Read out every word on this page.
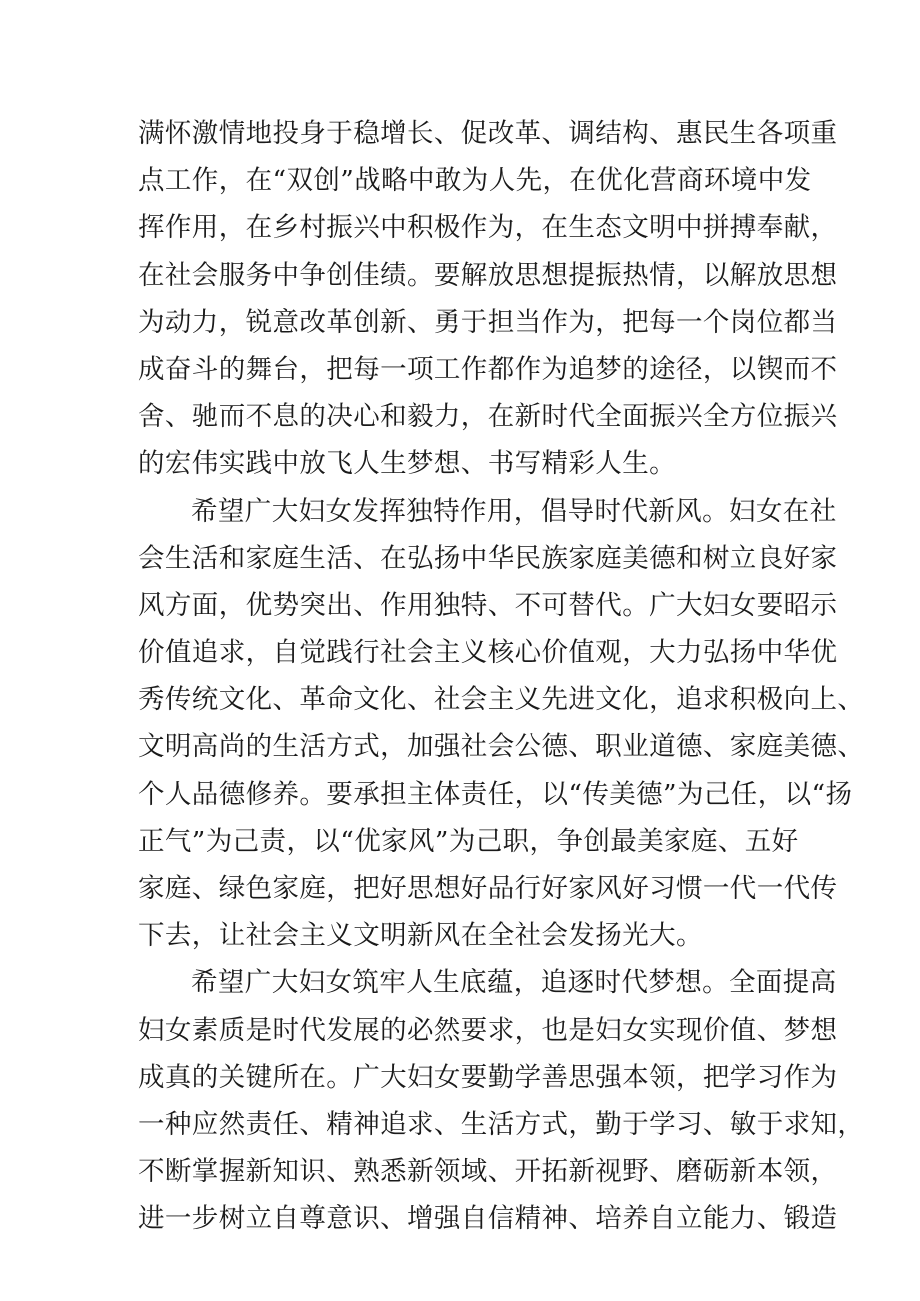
满怀激情地投身于稳增长、促改革、调结构、惠民生各项重
点工作，在“双创”战略中敢为人先，在优化营商环境中发
挥作用，在乡村振兴中积极作为，在生态文明中拼搏奉献，
在社会服务中争创佳绩。要解放思想提振热情，以解放思想
为动力，锐意改革创新、勇于担当作为，把每一个岗位都当
成奋斗的舞台，把每一项工作都作为追梦的途径，以锲而不
舍、驰而不息的决心和毅力，在新时代全面振兴全方位振兴
的宏伟实践中放飞人生梦想、书写精彩人生。
希望广大妇女发挥独特作用，倡导时代新风。妇女在社
会生活和家庭生活、在弘扬中华民族家庭美德和树立良好家
风方面，优势突出、作用独特、不可替代。广大妇女要昭示
价值追求，自觉践行社会主义核心价值观，大力弘扬中华优
秀传统文化、革命文化、社会主义先进文化，追求积极向上、
文明高尚的生活方式，加强社会公德、职业道德、家庭美德、
个人品德修养。要承担主体责任，以“传美德”为己任，以“扬
正气”为己责，以“优家风”为己职，争创最美家庭、五好
家庭、绿色家庭，把好思想好品行好家风好习惯一代一代传
下去，让社会主义文明新风在全社会发扬光大。
希望广大妇女筑牢人生底蕴，追逐时代梦想。全面提高
妇女素质是时代发展的必然要求，也是妇女实现价值、梦想
成真的关键所在。广大妇女要勤学善思强本领，把学习作为
一种应然责任、精神追求、生活方式，勤于学习、敏于求知，
不断掌握新知识、熟悉新领域、开拓新视野、磨砺新本领，
进一步树立自尊意识、增强自信精神、培养自立能力、锻造
